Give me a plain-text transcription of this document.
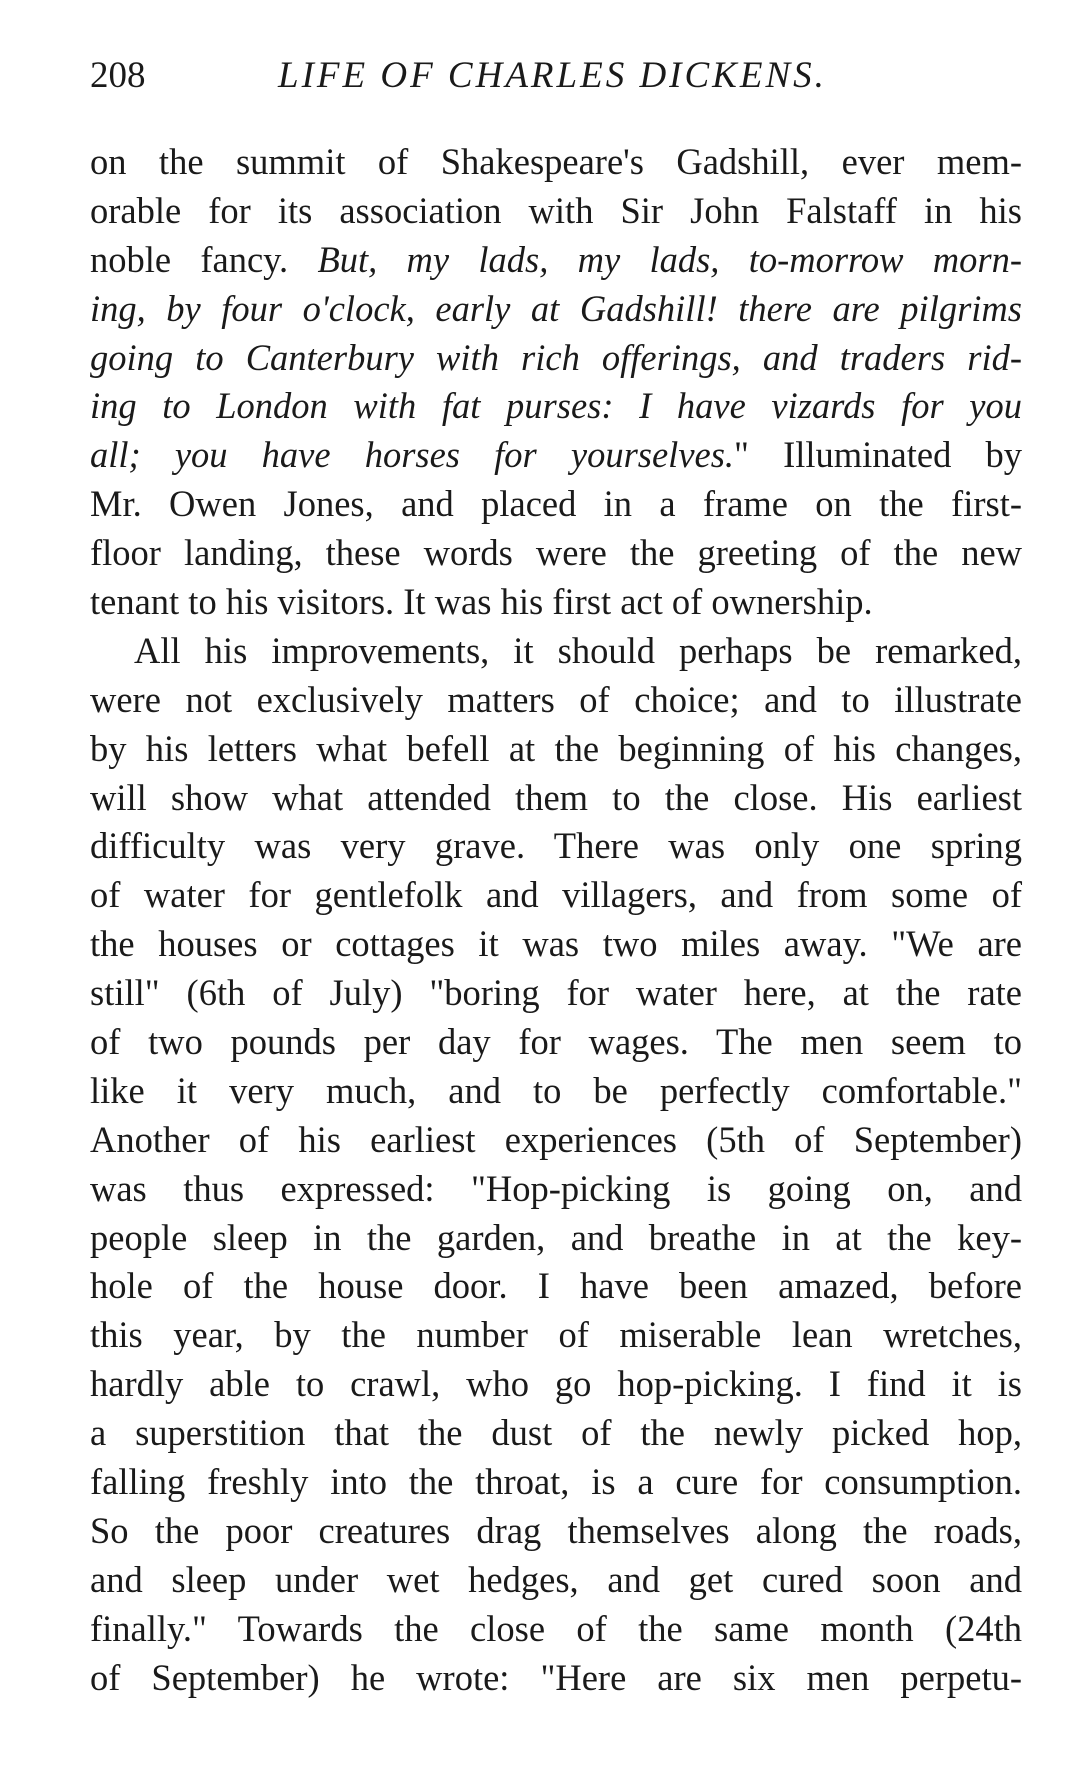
208	LIFE OF CHARLES DICKENS.
on the summit of Shakespeare's Gadshill, ever mem-
orable for its association with Sir John Falstaff in his
noble fancy. But, my lads, my lads, to-morrow morn-
ing, by four o'clock, early at Gadshill! there are pilgrims
going to Canterbury with rich offerings, and traders rid-
ing to London with fat purses: I have vizards for you
all; you have horses for yourselves." Illuminated by
Mr. Owen Jones, and placed in a frame on the first-
floor landing, these words were the greeting of the new
tenant to his visitors. It was his first act of ownership.
All his improvements, it should perhaps be remarked,
were not exclusively matters of choice; and to illustrate
by his letters what befell at the beginning of his changes,
will show what attended them to the close. His earliest
difficulty was very grave. There was only one spring
of water for gentlefolk and villagers, and from some of
the houses or cottages it was two miles away. "We are
still" (6th of July) "boring for water here, at the rate
of two pounds per day for wages. The men seem to
like it very much, and to be perfectly comfortable."
Another of his earliest experiences (5th of September)
was thus expressed: "Hop-picking is going on, and
people sleep in the garden, and breathe in at the key-
hole of the house door. I have been amazed, before
this year, by the number of miserable lean wretches,
hardly able to crawl, who go hop-picking. I find it is
a superstition that the dust of the newly picked hop,
falling freshly into the throat, is a cure for consumption.
So the poor creatures drag themselves along the roads,
and sleep under wet hedges, and get cured soon and
finally." Towards the close of the same month (24th
of September) he wrote: "Here are six men perpetu-
